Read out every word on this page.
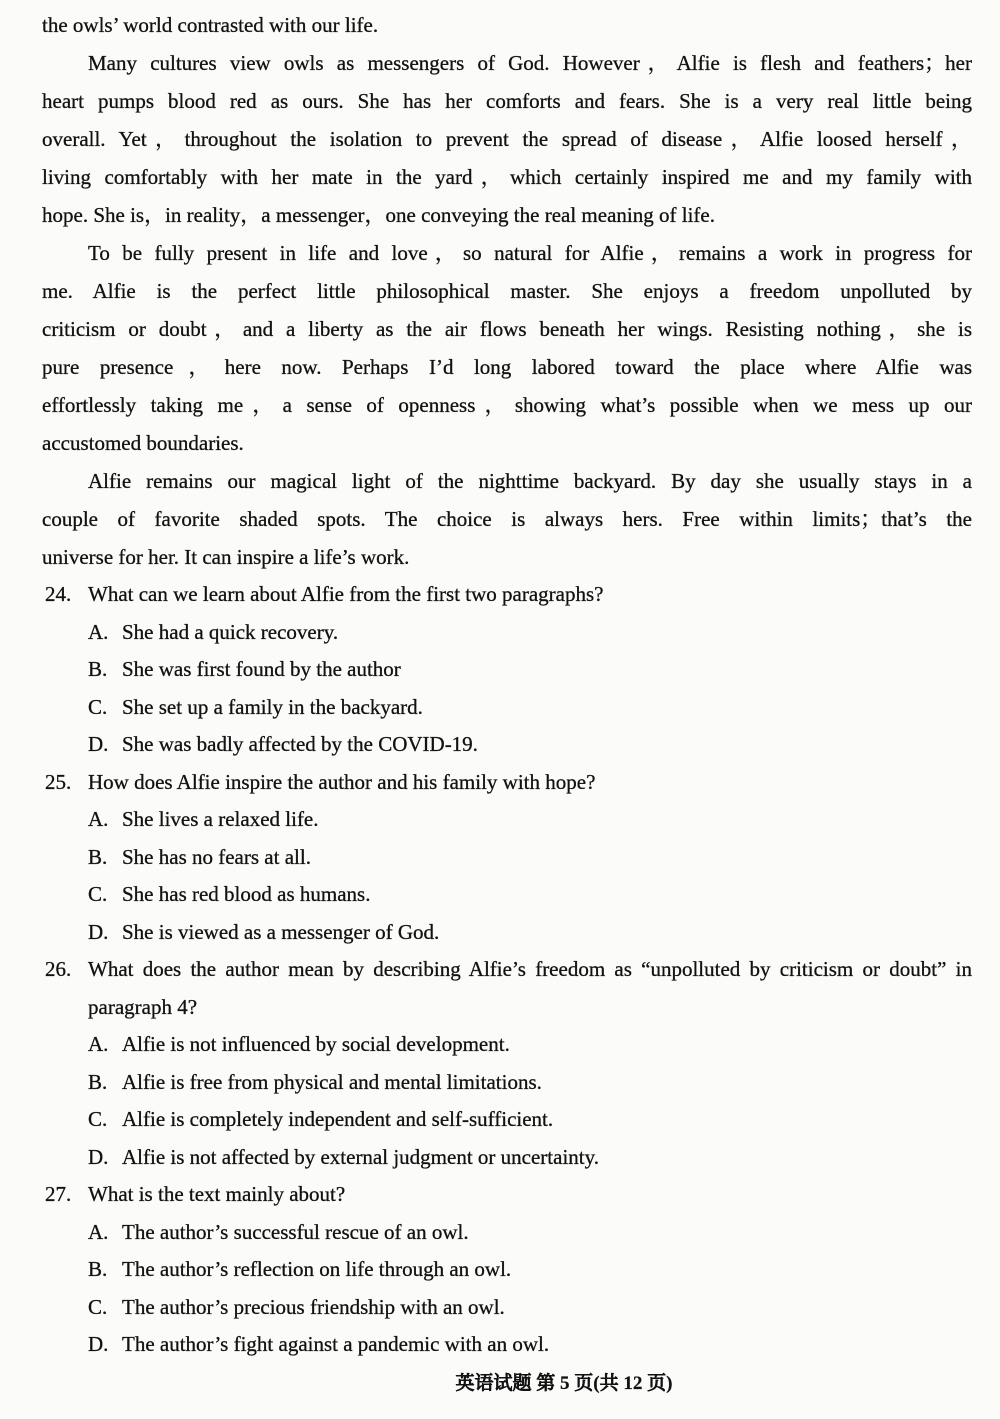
the owls’ world contrasted with our life.
Many cultures view owls as messengers of God. However，Alfie is flesh and feathers；her
heart pumps blood red as ours. She has her comforts and fears. She is a very real little being
overall. Yet，throughout the isolation to prevent the spread of disease，Alfie loosed herself，
living comfortably with her mate in the yard，which certainly inspired me and my family with
hope. She is，in reality，a messenger，one conveying the real meaning of life.
To be fully present in life and love，so natural for Alfie，remains a work in progress for
me. Alfie is the perfect little philosophical master. She enjoys a freedom unpolluted by
criticism or doubt，and a liberty as the air flows beneath her wings. Resisting nothing，she is
pure presence，here now. Perhaps I’d long labored toward the place where Alfie was
effortlessly taking me，a sense of openness，showing what’s possible when we mess up our
accustomed boundaries.
Alfie remains our magical light of the nighttime backyard. By day she usually stays in a
couple of favorite shaded spots. The choice is always hers. Free within limits；that’s the
universe for her. It can inspire a life’s work.
24. What can we learn about Alfie from the first two paragraphs?
A. She had a quick recovery.
B. She was first found by the author
C. She set up a family in the backyard.
D. She was badly affected by the COVID-19.
25. How does Alfie inspire the author and his family with hope?
A. She lives a relaxed life.
B. She has no fears at all.
C. She has red blood as humans.
D. She is viewed as a messenger of God.
26. What does the author mean by describing Alfie’s freedom as “unpolluted by criticism or doubt” in paragraph 4?
A. Alfie is not influenced by social development.
B. Alfie is free from physical and mental limitations.
C. Alfie is completely independent and self-sufficient.
D. Alfie is not affected by external judgment or uncertainty.
27. What is the text mainly about?
A. The author’s successful rescue of an owl.
B. The author’s reflection on life through an owl.
C. The author’s precious friendship with an owl.
D. The author’s fight against a pandemic with an owl.
英语试题 第 5 页(共 12 页)
